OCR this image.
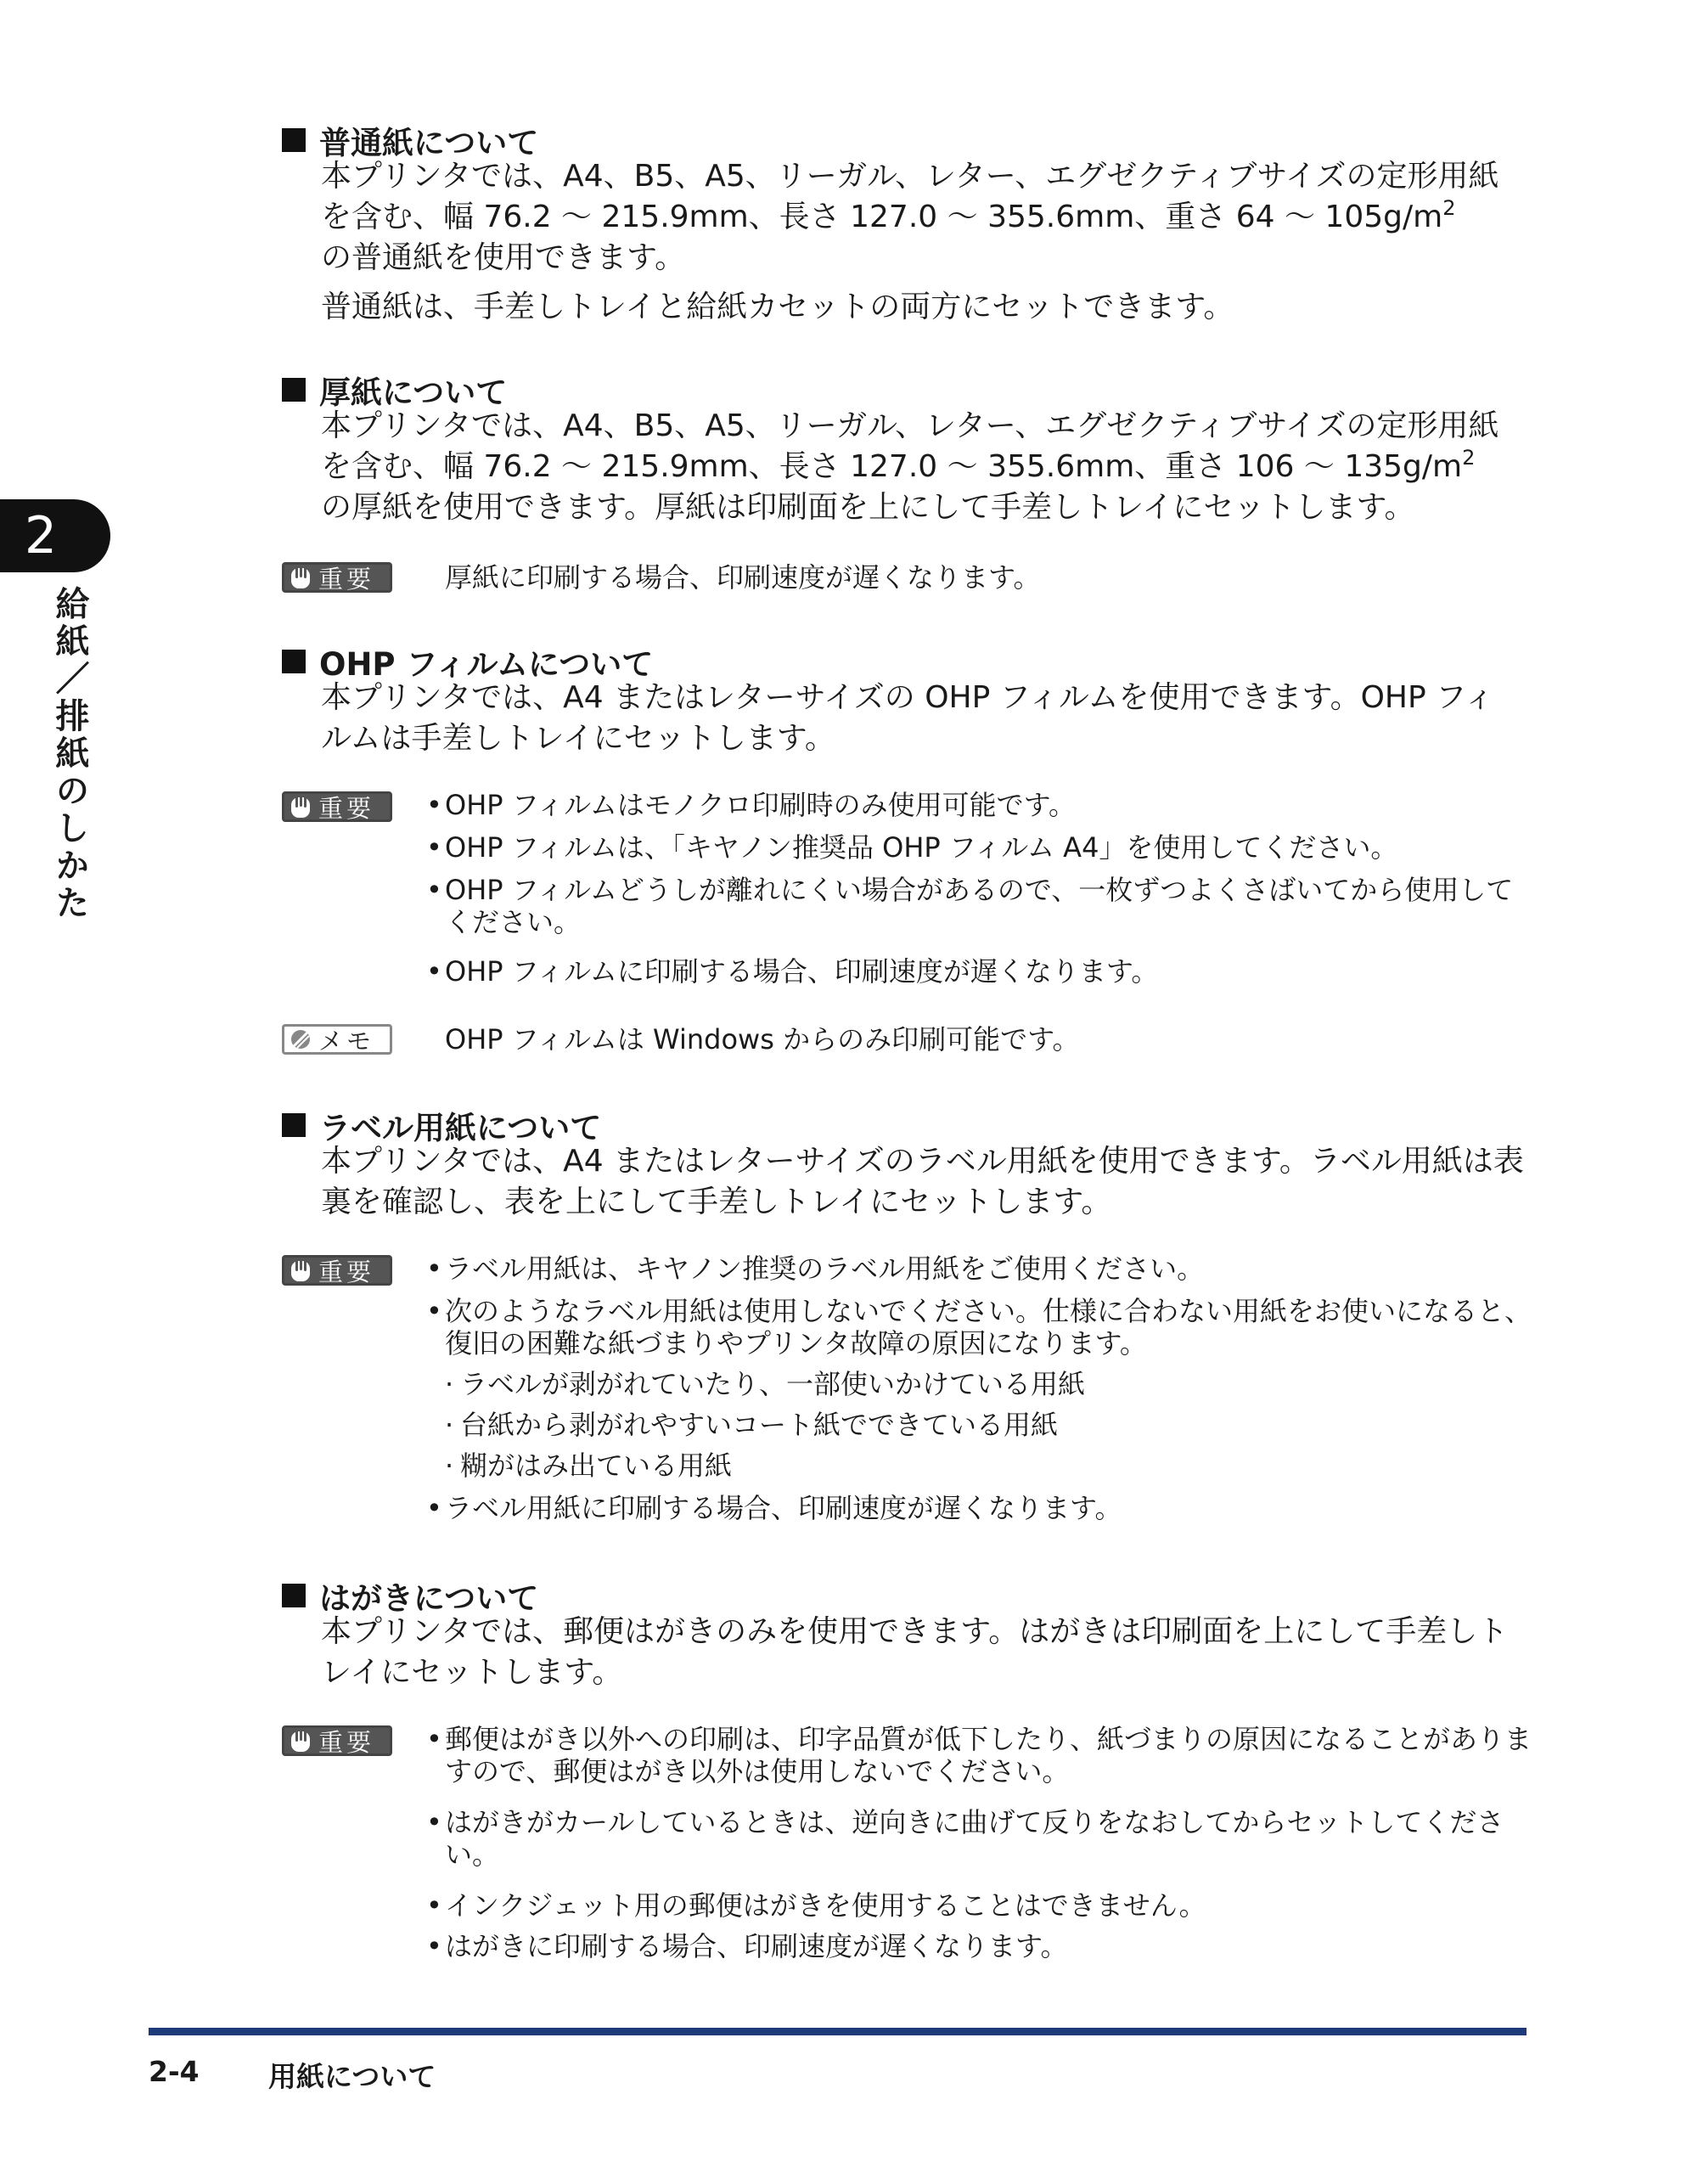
2
給紙／排紙のしかた
普通紙について
本プリンタでは、A4、B5、A5、リーガル、レター、エグゼクティブサイズの定形用紙
を含む、幅 76.2 ～ 215.9mm、長さ 127.0 ～ 355.6mm、重さ 64 ～ $105g/m^2$
の普通紙を使用できます。
普通紙は、手差しトレイと給紙カセットの両方にセットできます。
厚紙について
本プリンタでは、A4、B5、A5、リーガル、レター、エグゼクティブサイズの定形用紙
を含む、幅 76.2 ～ 215.9mm、長さ 127.0 ～ 355.6mm、重さ 106 ～ $135g/m^2$
の厚紙を使用できます。厚紙は印刷面を上にして手差しトレイにセットします。
重要	厚紙に印刷する場合、印刷速度が遅くなります。
OHP フィルムについて
本プリンタでは、A4 またはレターサイズの OHP フィルムを使用できます。OHP フィ
ルムは手差しトレイにセットします。
重要	• OHP フィルムはモノクロ印刷時のみ使用可能です。
• OHP フィルムは、「キヤノン推奨品 OHP フィルム A4」を使用してください。
• OHP フィルムどうしが離れにくい場合があるので、一枚ずつよくさばいてから使用して
ください。
• OHP フィルムに印刷する場合、印刷速度が遅くなります。
メモ	OHP フィルムは Windows からのみ印刷可能です。
ラベル用紙について
本プリンタでは、A4 またはレターサイズのラベル用紙を使用できます。ラベル用紙は表
裏を確認し、表を上にして手差しトレイにセットします。
重要	• ラベル用紙は、キヤノン推奨のラベル用紙をご使用ください。
• 次のようなラベル用紙は使用しないでください。仕様に合わない用紙をお使いになると、
復旧の困難な紙づまりやプリンタ故障の原因になります。
· ラベルが剥がれていたり、一部使いかけている用紙
· 台紙から剥がれやすいコート紙でできている用紙
· 糊がはみ出ている用紙
• ラベル用紙に印刷する場合、印刷速度が遅くなります。
はがきについて
本プリンタでは、郵便はがきのみを使用できます。はがきは印刷面を上にして手差しト
レイにセットします。
重要	• 郵便はがき以外への印刷は、印字品質が低下したり、紙づまりの原因になることがありま
すので、郵便はがき以外は使用しないでください。
• はがきがカールしているときは、逆向きに曲げて反りをなおしてからセットしてくださ
い。
• インクジェット用の郵便はがきを使用することはできません。
• はがきに印刷する場合、印刷速度が遅くなります。
2-4 用紙について
